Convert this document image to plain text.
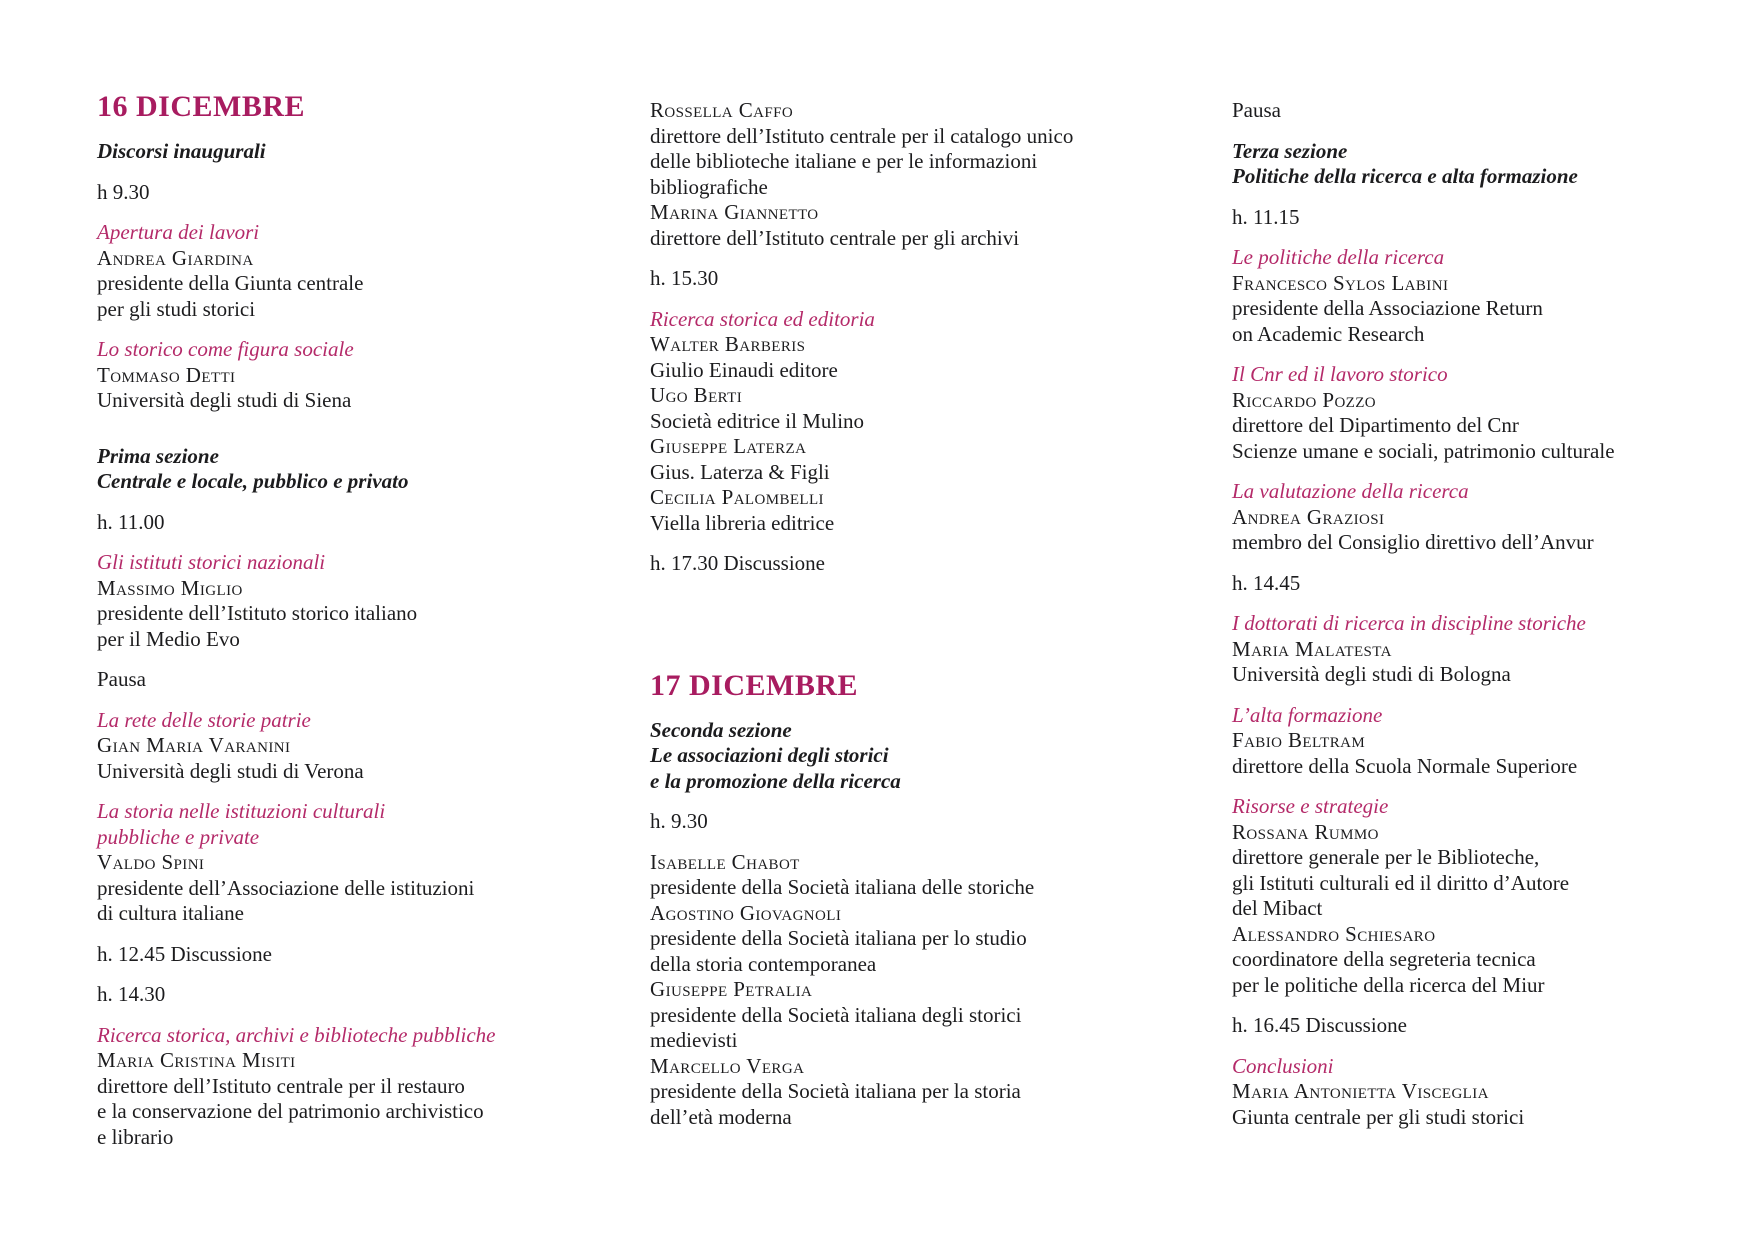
16 DICEMBRE
Discorsi inaugurali
h 9.30
Apertura dei lavori
Andrea Giardina
presidente della Giunta centrale
per gli studi storici
Lo storico come figura sociale
Tommaso Detti
Università degli studi di Siena
Prima sezione
Centrale e locale, pubblico e privato
h. 11.00
Gli istituti storici nazionali
Massimo Miglio
presidente dell’Istituto storico italiano
per il Medio Evo
Pausa
La rete delle storie patrie
Gian Maria Varanini
Università degli studi di Verona
La storia nelle istituzioni culturali
pubbliche e private
Valdo Spini
presidente dell’Associazione delle istituzioni
di cultura italiane
h. 12.45 Discussione
h. 14.30
Ricerca storica, archivi e biblioteche pubbliche
Maria Cristina Misiti
direttore dell’Istituto centrale per il restauro
e la conservazione del patrimonio archivistico
e librario
Rossella Caffo
direttore dell’Istituto centrale per il catalogo unico
delle biblioteche italiane e per le informazioni
bibliografiche
Marina Giannetto
direttore dell’Istituto centrale per gli archivi
h. 15.30
Ricerca storica ed editoria
Walter Barberis
Giulio Einaudi editore
Ugo Berti
Società editrice il Mulino
Giuseppe Laterza
Gius. Laterza & Figli
Cecilia Palombelli
Viella libreria editrice
h. 17.30 Discussione
17 DICEMBRE
Seconda sezione
Le associazioni degli storici
e la promozione della ricerca
h. 9.30
Isabelle Chabot
presidente della Società italiana delle storiche
Agostino Giovagnoli
presidente della Società italiana per lo studio
della storia contemporanea
Giuseppe Petralia
presidente della Società italiana degli storici
medievisti
Marcello Verga
presidente della Società italiana per la storia
dell’età moderna
Pausa
Terza sezione
Politiche della ricerca e alta formazione
h. 11.15
Le politiche della ricerca
Francesco Sylos Labini
presidente della Associazione Return
on Academic Research
Il Cnr ed il lavoro storico
Riccardo Pozzo
direttore del Dipartimento del Cnr
Scienze umane e sociali, patrimonio culturale
La valutazione della ricerca
Andrea Graziosi
membro del Consiglio direttivo dell’Anvur
h. 14.45
I dottorati di ricerca in discipline storiche
Maria Malatesta
Università degli studi di Bologna
L’alta formazione
Fabio Beltram
direttore della Scuola Normale Superiore
Risorse e strategie
Rossana Rummo
direttore generale per le Biblioteche,
gli Istituti culturali ed il diritto d’Autore
del Mibact
Alessandro Schiesaro
coordinatore della segreteria tecnica
per le politiche della ricerca del Miur
h. 16.45 Discussione
Conclusioni
Maria Antonietta Visceglia
Giunta centrale per gli studi storici
